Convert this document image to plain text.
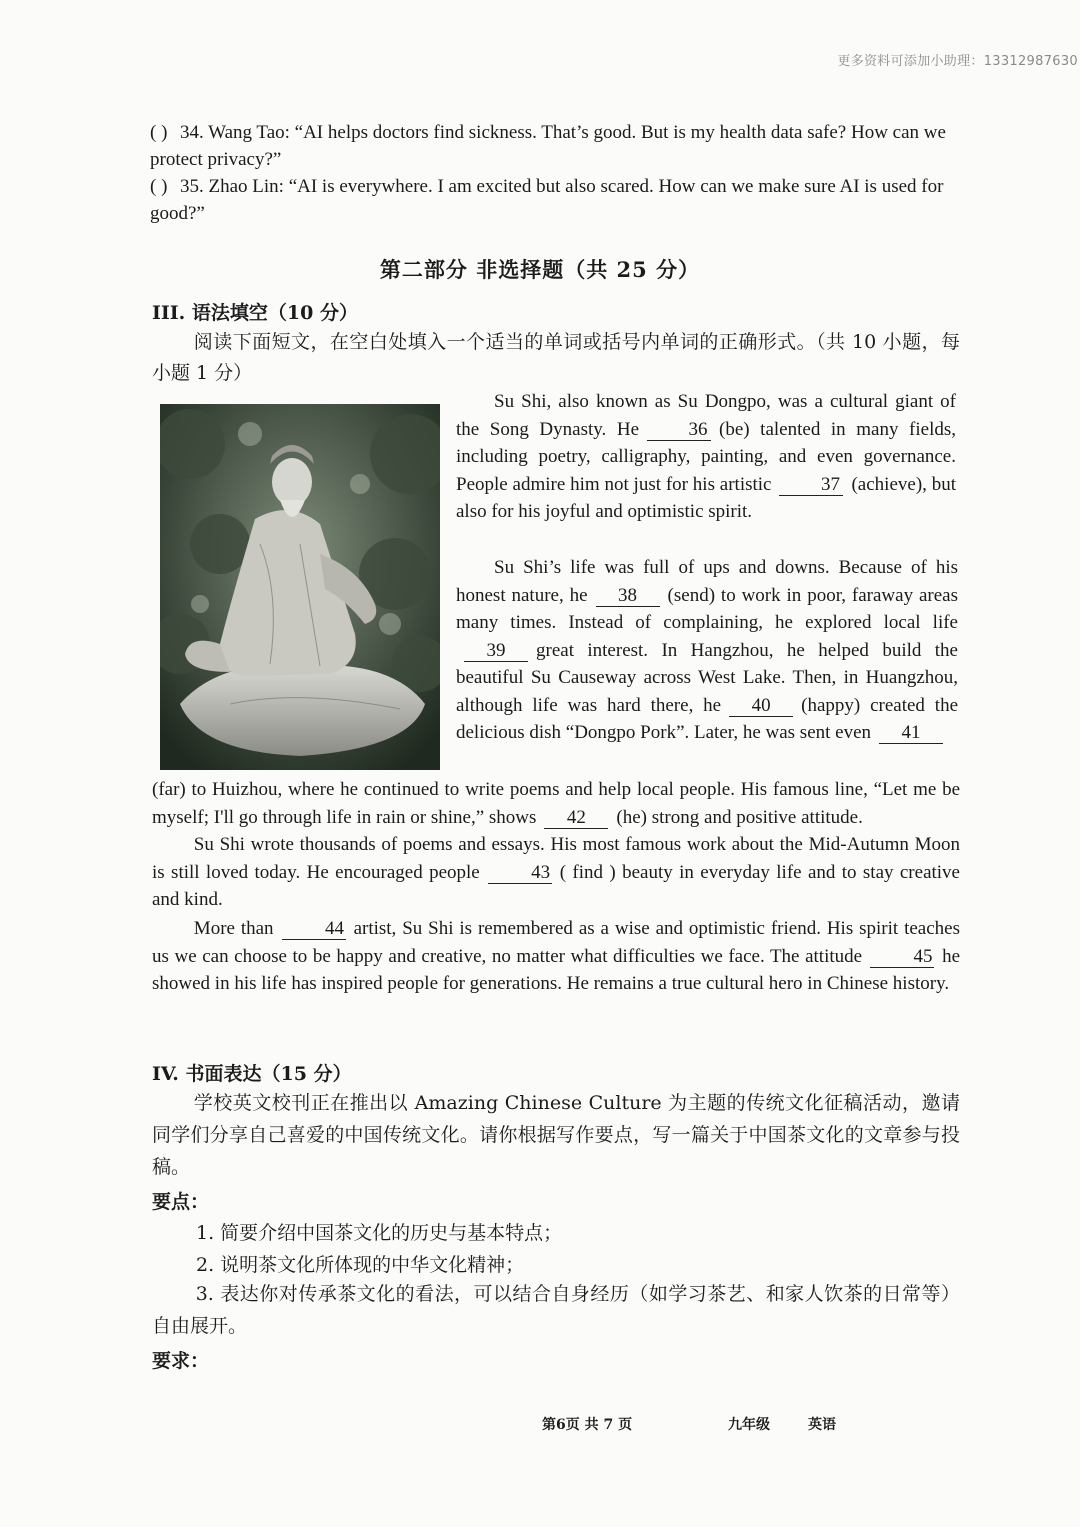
更多资料可添加小助理：13312987630

( ) 34. Wang Tao: “AI helps doctors find sickness. That’s good. But is my health data safe? How can we protect privacy?”

( ) 35. Zhao Lin: “AI is everywhere. I am excited but also scared. How can we make sure AI is used for good?”

第二部分 非选择题（共 25 分）
III. 语法填空（10 分）

阅读下面短文，在空白处填入一个适当的单词或括号内单词的正确形式。（共 10 小题，每小题 1 分）

Su Shi, also known as Su Dongpo, was a cultural giant of the Song Dynasty. He	36 (be) talented in many fields, including poetry, calligraphy, painting, and even governance. People admire him not just for his artistic	37 (achieve), but also for his joyful and optimistic spirit.

Su Shi’s life was full of ups and downs. Because of his honest nature, he 38 (send) to work in poor, faraway areas many times. Instead of complaining, he explored local life39 great interest. In Hangzhou, he helped build the beautiful Su Causeway across West Lake. Then, in Huangzhou, although life was hard there, he 40 (happy) created the delicious dish “Dongpo Pork”. Later, he was sent even 41

(far) to Huizhou, where he continued to write poems and help local people. His famous line, “Let me be myself; I'll go through life in rain or shine,” shows 42 (he) strong and positive attitude.

Su Shi wrote thousands of poems and essays. His most famous work about the Mid-Autumn Moon is still loved today. He encouraged people	43 ( find ) beauty in everyday life and to stay creative and kind.

More than	44 artist, Su Shi is remembered as a wise and optimistic friend. His spirit teaches us we can choose to be happy and creative, no matter what difficulties we face. The attitude	45 he showed in his life has inspired people for generations. He remains a true cultural hero in Chinese history.

IV. 书面表达（15 分）

学校英文校刊正在推出以 Amazing Chinese Culture 为主题的传统文化征稿活动，邀请同学们分享自己喜爱的中国传统文化。请你根据写作要点，写一篇关于中国茶文化的文章参与投稿。

要点：
1. 简要介绍中国茶文化的历史与基本特点；
2. 说明茶文化所体现的中华文化精神；

3. 表达你对传承茶文化的看法，可以结合自身经历（如学习茶艺、和家人饮茶的日常等）自由展开。

要求：
第6页 共 7 页	九年级	英语
